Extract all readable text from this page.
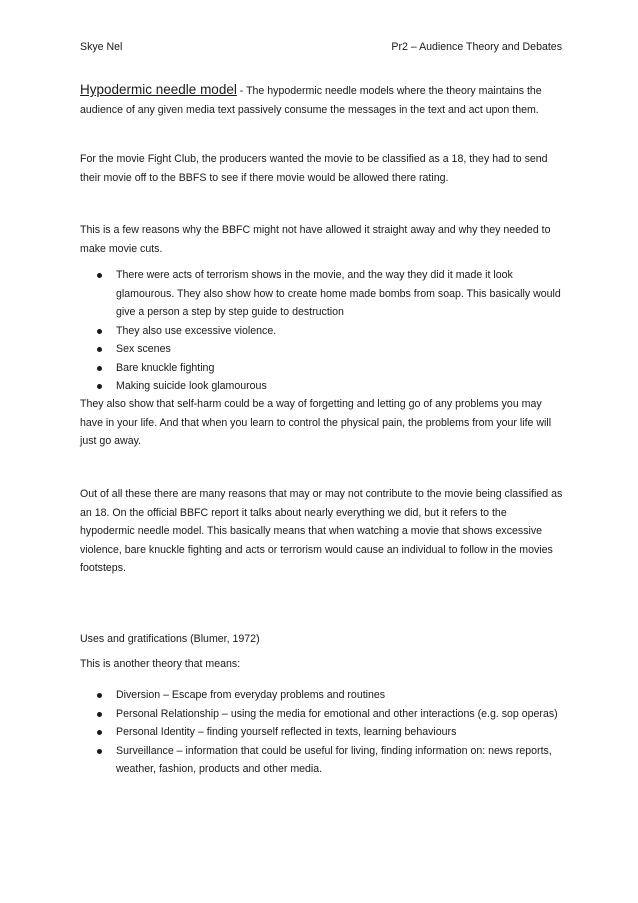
Skye Nel	Pr2 – Audience Theory and Debates

Hypodermic needle model - The hypodermic needle models where the theory maintains the audience of any given media text passively consume the messages in the text and act upon them.

For the movie Fight Club, the producers wanted the movie to be classified as a 18, they had to send their movie off to the BBFS to see if there movie would be allowed there rating.

This is a few reasons why the BBFC might not have allowed it straight away and why they needed to make movie cuts.

There were acts of terrorism shows in the movie, and the way they did it made it look glamourous. They also show how to create home made bombs from soap. This basically would give a person a step by step guide to destruction
They also use excessive violence.
Sex scenes
Bare knuckle fighting
Making suicide look glamourous

They also show that self-harm could be a way of forgetting and letting go of any problems you may have in your life. And that when you learn to control the physical pain, the problems from your life will just go away.

Out of all these there are many reasons that may or may not contribute to the movie being classified as an 18. On the official BBFC report it talks about nearly everything we did, but it refers to the hypodermic needle model. This basically means that when watching a movie that shows excessive violence, bare knuckle fighting and acts or terrorism would cause an individual to follow in the movies footsteps.

Uses and gratifications (Blumer, 1972)

This is another theory that means:

Diversion – Escape from everyday problems and routines
Personal Relationship – using the media for emotional and other interactions (e.g. sop operas)
Personal Identity – finding yourself reflected in texts, learning behaviours
Surveillance – information that could be useful for living, finding information on: news reports, weather, fashion, products and other media.
